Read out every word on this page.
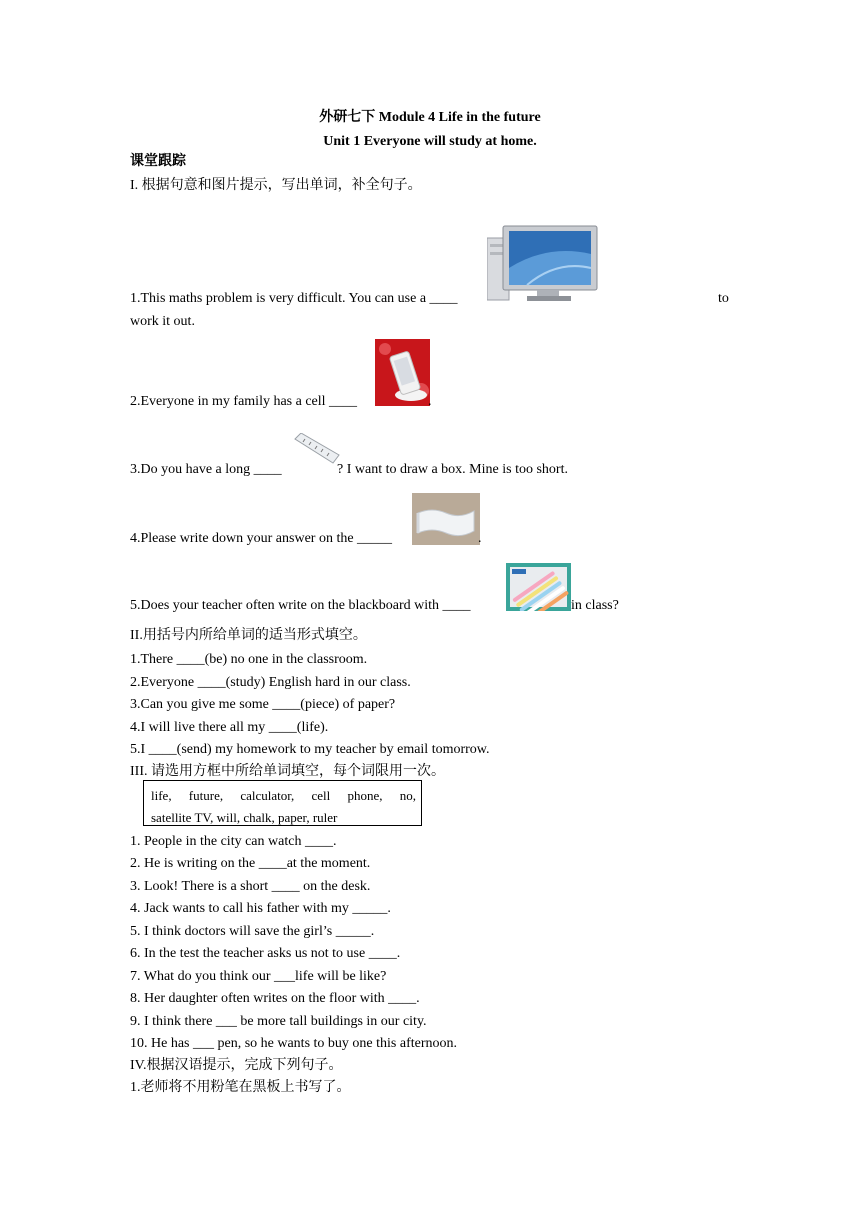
外研七下 Module 4 Life in the future
Unit 1 Everyone will study at home.
课堂跟踪
I. 根据句意和图片提示，写出单词，补全句子。
1.This maths problem is very difficult. You can use a ____	to
work it out.
2.Everyone in my family has a cell ____	.
3.Do you have a long ____	? I want to draw a box. Mine is too short.
4.Please write down your answer on the _____	.
5.Does your teacher often write on the blackboard with ____	in class?
II.用括号内所给单词的适当形式填空。
1.There ____(be) no one in the classroom.
2.Everyone ____(study) English hard in our class.
3.Can you give me some ____(piece) of paper?
4.I will live there all my ____(life).
5.I ____(send) my homework to my teacher by email tomorrow.
III. 请选用方框中所给单词填空，每个词限用一次。
life, future, calculator, cell phone, no,
satellite TV, will, chalk, paper, ruler
1. People in the city can watch ____.
2. He is writing on the ____at the moment.
3. Look! There is a short ____ on the desk.
4. Jack wants to call his father with my _____.
5. I think doctors will save the girl’s _____.
6. In the test the teacher asks us not to use ____.
7. What do you think our ___life will be like?
8. Her daughter often writes on the floor with ____.
9. I think there ___ be more tall buildings in our city.
10. He has ___ pen, so he wants to buy one this afternoon.
IV.根据汉语提示，完成下列句子。
1.老师将不用粉笔在黑板上书写了。
